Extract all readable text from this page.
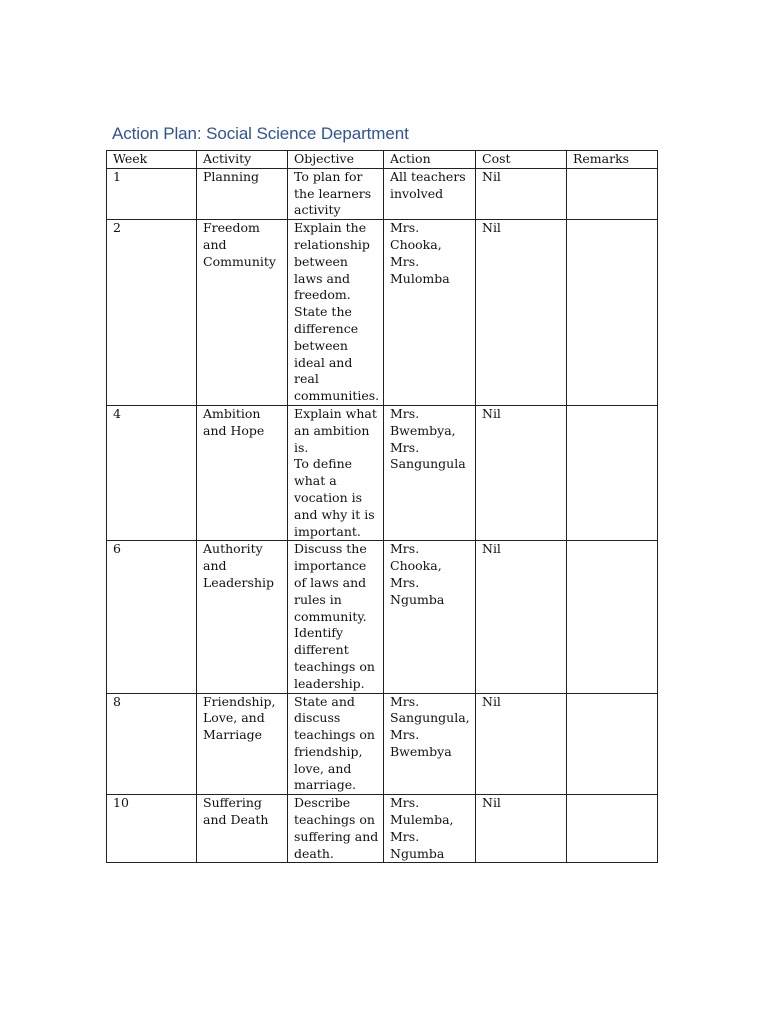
Action Plan: Social Science Department
Week	Activity	Objective	Action	Cost	Remarks
1	Planning	To plan for the learners activity	All teachers involved	Nil	
2	Freedom and Community	Explain the relationship between laws and freedom.
State the difference between ideal and real communities.	Mrs. Chooka, Mrs. Mulomba	Nil	
4	Ambition and Hope	Explain what an ambition is.
To define what a vocation is and why it is important.	Mrs. Bwembya, Mrs. Sangungula	Nil	
6	Authority and Leadership	Discuss the importance of laws and rules in community.
Identify different teachings on leadership.	Mrs. Chooka, Mrs. Ngumba	Nil	
8	Friendship, Love, and Marriage	State and discuss teachings on friendship, love, and marriage.	Mrs. Sangungula, Mrs. Bwembya	Nil	
10	Suffering and Death	Describe teachings on suffering and death.	Mrs. Mulemba, Mrs. Ngumba	Nil	
